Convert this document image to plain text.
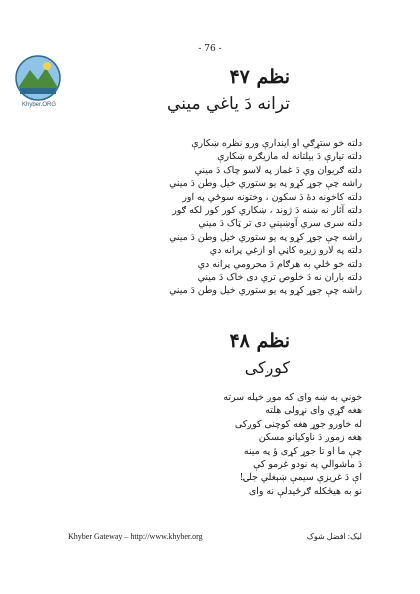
Khyber.ORG
- 76 -
نظم ۴۷
ترانه دَ ياغي ميني
دلته خو ستړګي او ايندارې ورو نظره ښکارې
دلته تيارې دَ بيلتانه له مازيګره ښکارې
دلته ګريوان وي دَ غماز په لاسو چاک دَ ميني
راشه چې جوړ کړو په يو ستوري خيل وطن دَ ميني
دلته کاخونه دهٔ دَ سکون ، وختونه سوځي په اور
دلته آثار نه ښنه دَ ژوند ، ښکاري کور کور لکه ګور
دلته سری سري آوښيني دی تر ټاک دَ ميني
راشه چې جوړ کړو په يو ستوري خيل وطن دَ ميني
دلته په لارو زيږه کاڼي او ازغي پرانه دي
دلته خو ځلي به هرګام دَ محرومي پرانه دي
دلته باران نه دَ خلوص تري دی خاک دَ ميني
راشه چې جوړ کړو په يو ستوري خيل وطن دَ ميني
نظم ۴۸
کوږکی
خوني به ښه واى که موږ خپله سرته
هغه ګړي واى نړولى هلته
له خاورو جوړ هغه کوچنی کوږکی
هغه زموږ دَ ناوکيانو مسکن
چې ما او تا جوړ کړی ؤ په مينه
دَ ماشوالي په نودو غرمو کې
اې دَ غريزې سيمې ښېغلي جلۍ!
نو به هيڅکله ګرځيدلې نه وای
Khyber Gateway – http://www.khyber.org	ليک: افضل شوک
